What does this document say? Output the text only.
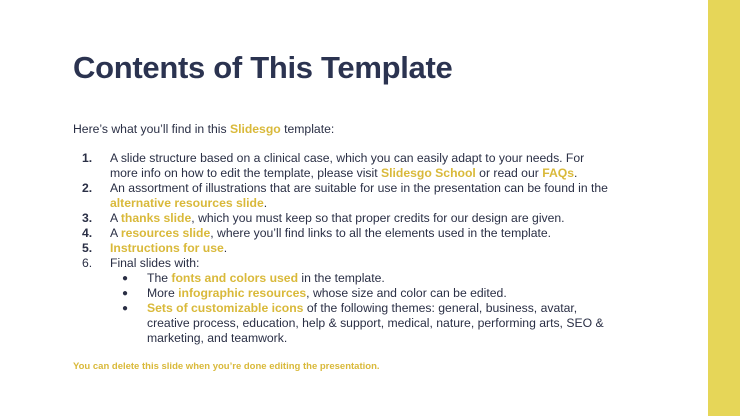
Contents of This Template
Here’s what you’ll find in this Slidesgo template:
1. A slide structure based on a clinical case, which you can easily adapt to your needs. For more info on how to edit the template, please visit Slidesgo School or read our FAQs.
2. An assortment of illustrations that are suitable for use in the presentation can be found in the alternative resources slide.
3. A thanks slide, which you must keep so that proper credits for our design are given.
4. A resources slide, where you’ll find links to all the elements used in the template.
5. Instructions for use.
6. Final slides with:
● The fonts and colors used in the template.
● More infographic resources, whose size and color can be edited.
● Sets of customizable icons of the following themes: general, business, avatar, creative process, education, help & support, medical, nature, performing arts, SEO & marketing, and teamwork.
You can delete this slide when you’re done editing the presentation.
